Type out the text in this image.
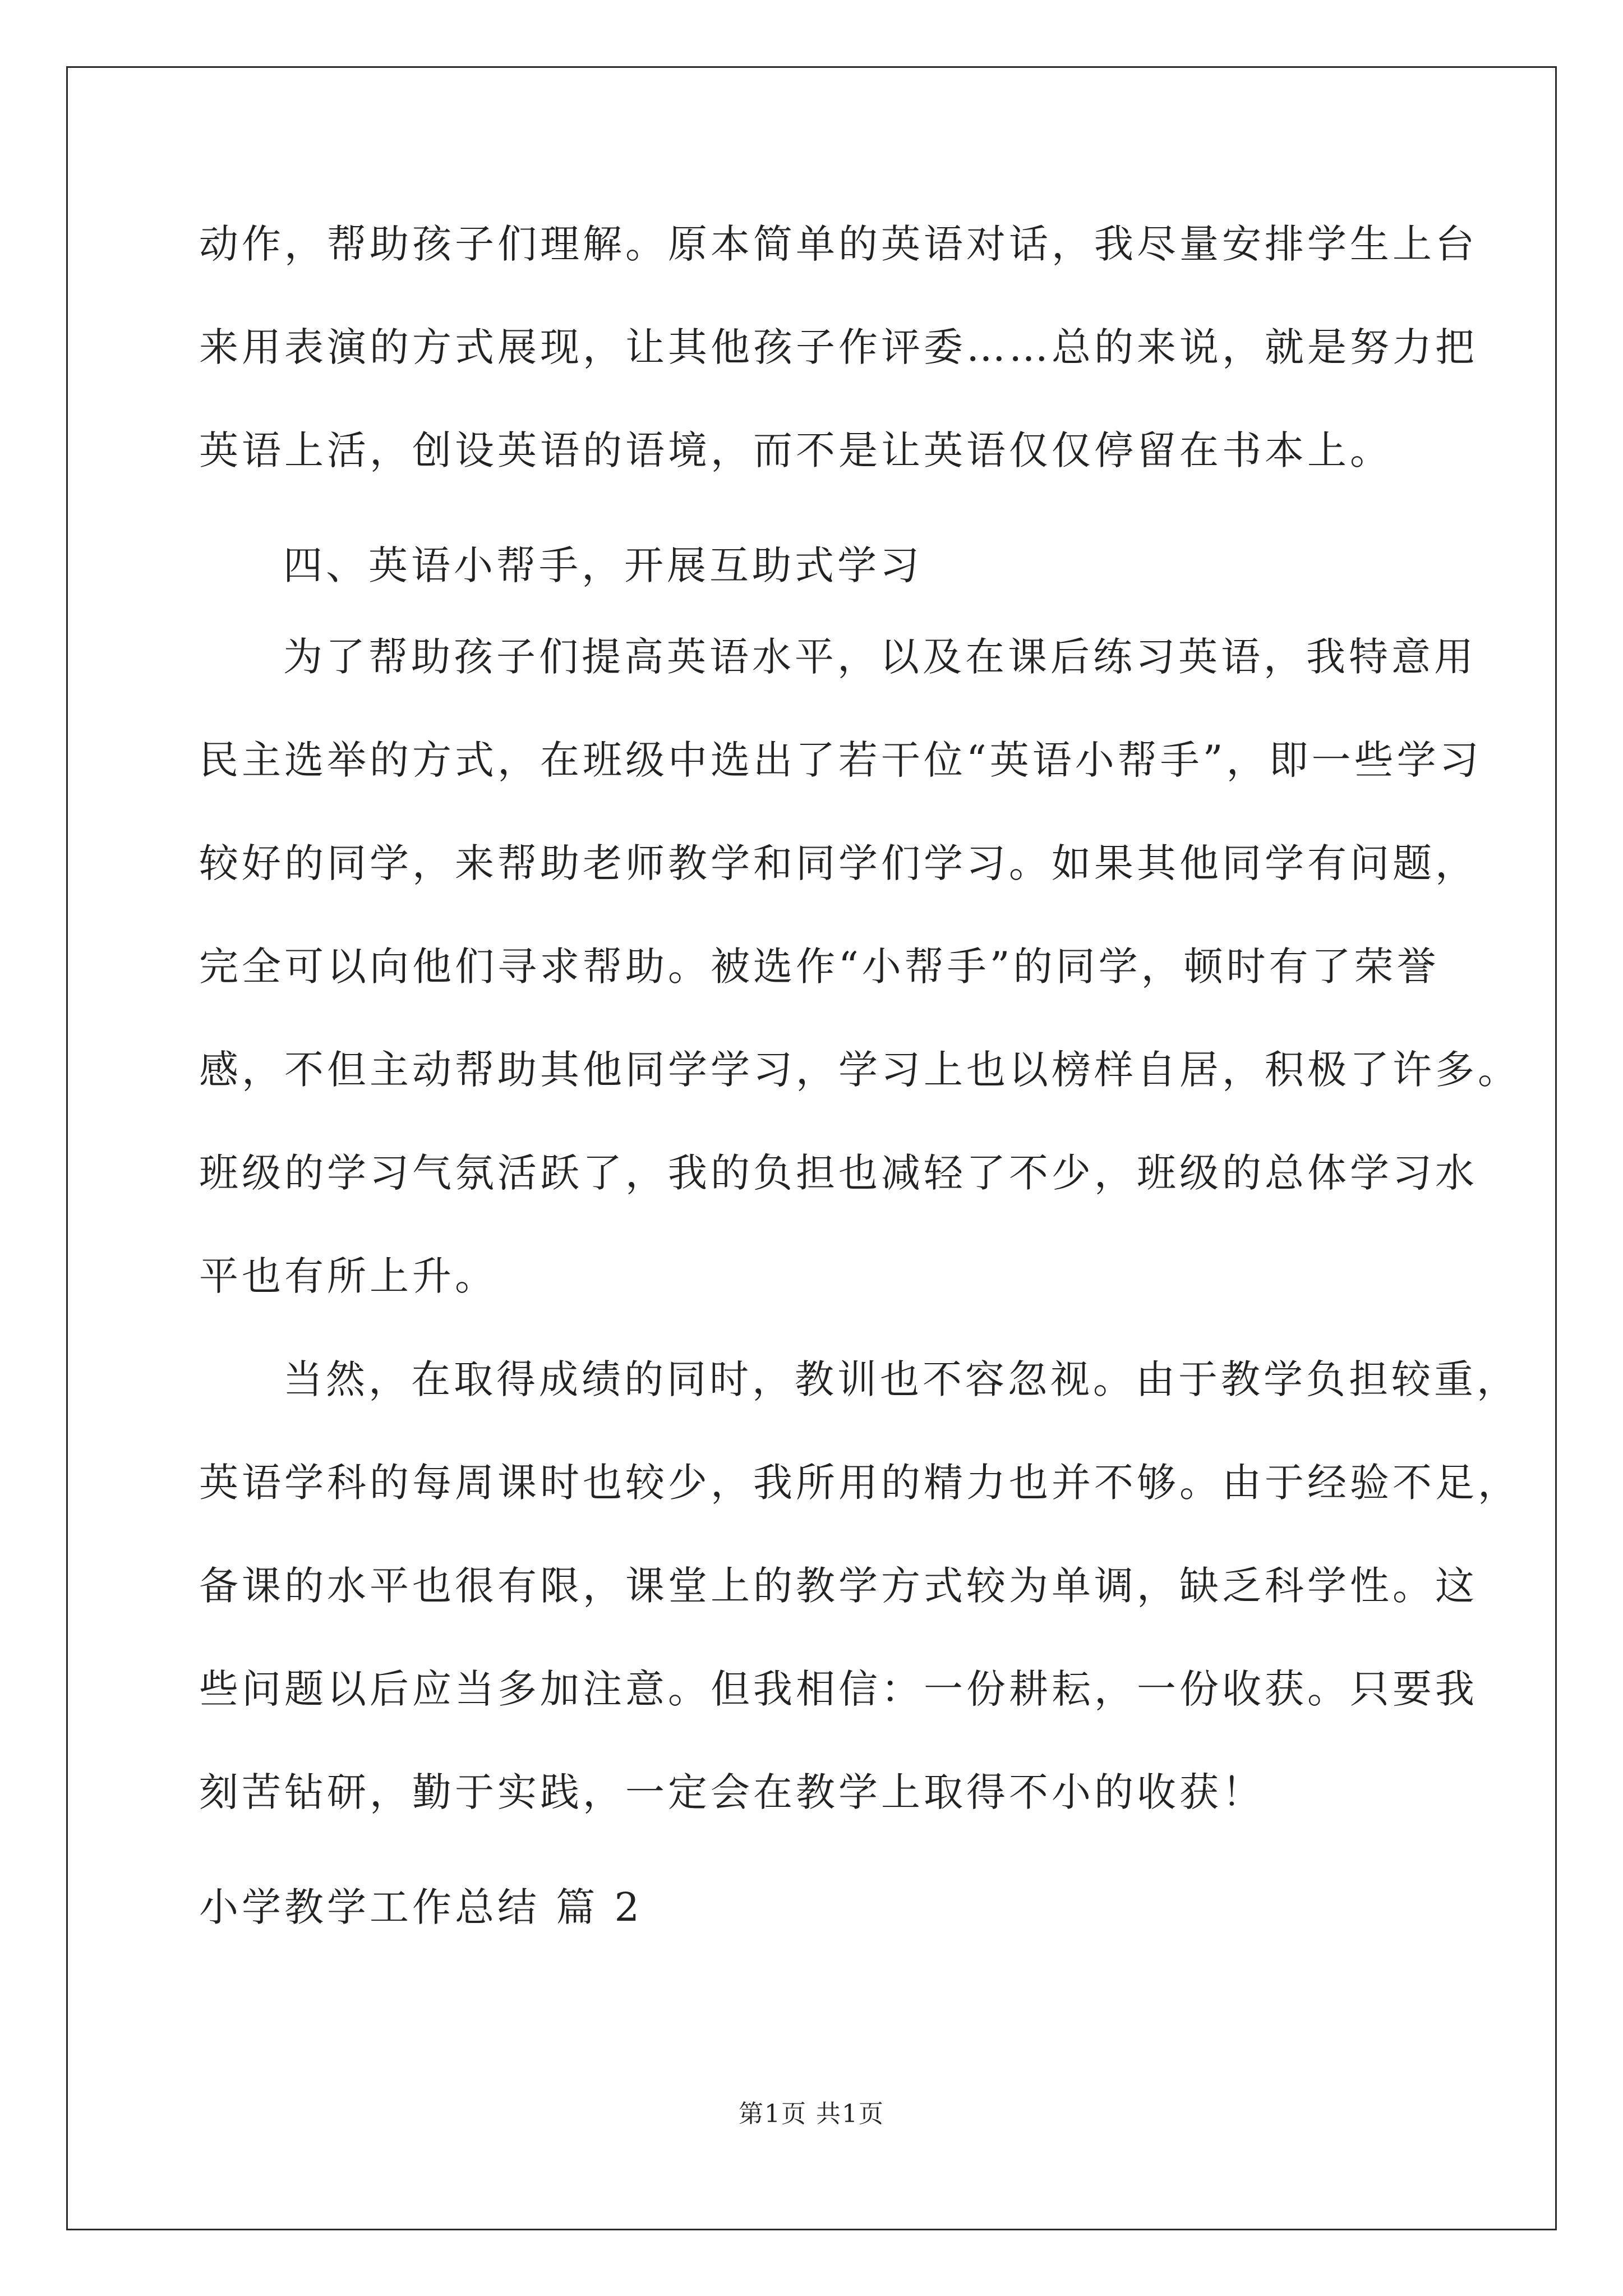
动作，帮助孩子们理解。原本简单的英语对话，我尽量安排学生上台
来用表演的方式展现，让其他孩子作评委……总的来说，就是努力把
英语上活，创设英语的语境，而不是让英语仅仅停留在书本上。
四、英语小帮手，开展互助式学习
为了帮助孩子们提高英语水平，以及在课后练习英语，我特意用
民主选举的方式，在班级中选出了若干位“英语小帮手”，即一些学习
较好的同学，来帮助老师教学和同学们学习。如果其他同学有问题，
完全可以向他们寻求帮助。被选作“小帮手”的同学，顿时有了荣誉
感，不但主动帮助其他同学学习，学习上也以榜样自居，积极了许多。
班级的学习气氛活跃了，我的负担也减轻了不少，班级的总体学习水
平也有所上升。
当然，在取得成绩的同时，教训也不容忽视。由于教学负担较重，
英语学科的每周课时也较少，我所用的精力也并不够。由于经验不足，
备课的水平也很有限，课堂上的教学方式较为单调，缺乏科学性。这
些问题以后应当多加注意。但我相信：一份耕耘，一份收获。只要我
刻苦钻研，勤于实践，一定会在教学上取得不小的收获！
小学教学工作总结 篇 2
第1页 共1页
